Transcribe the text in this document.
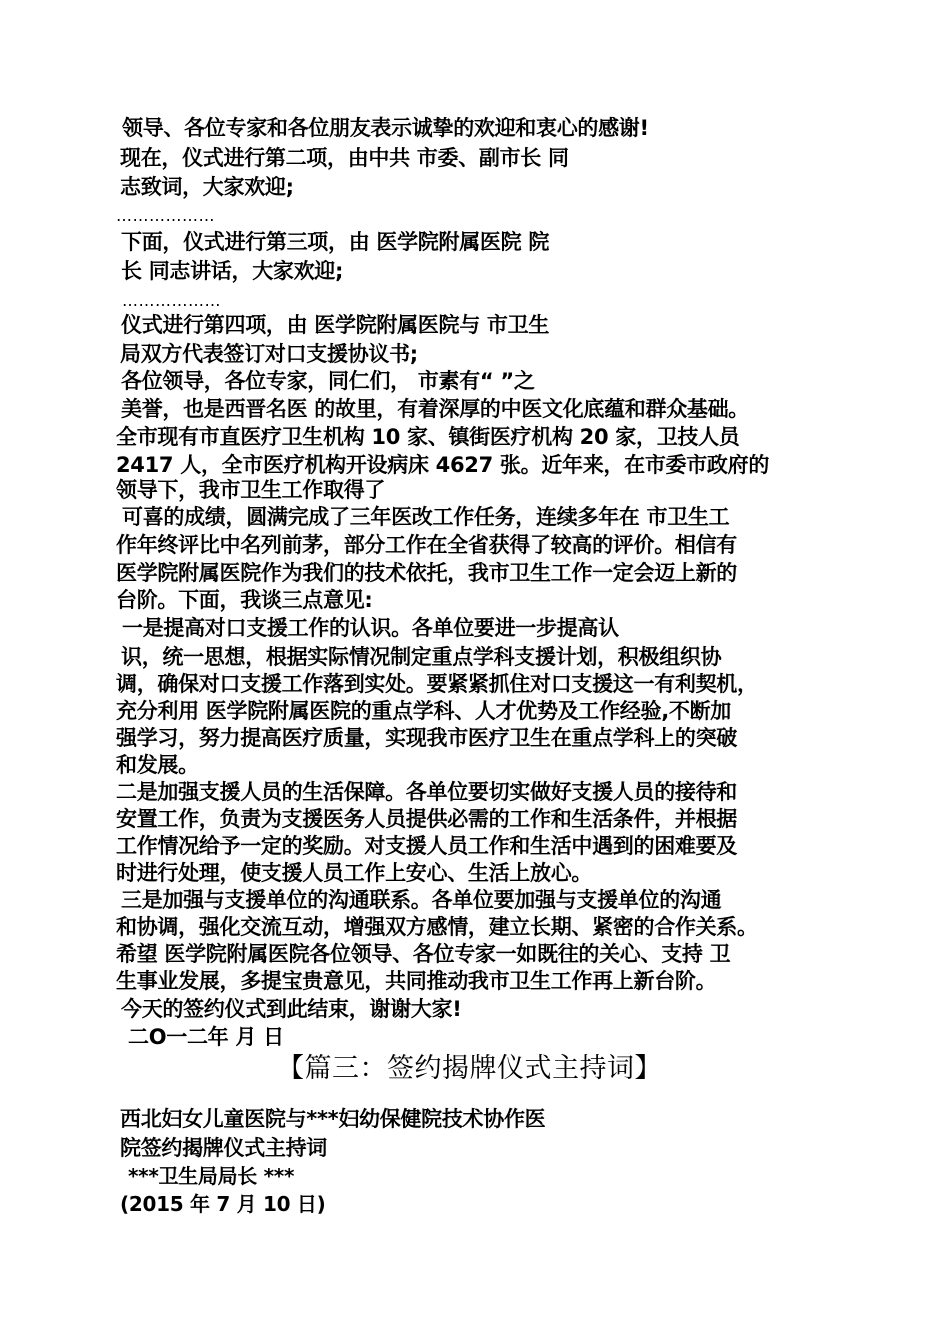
领导、各位专家和各位朋友表示诚挚的欢迎和衷心的感谢!
现在，仪式进行第二项，由中共 市委、副市长 同
志致词，大家欢迎;
………………
下面，仪式进行第三项，由 医学院附属医院 院
长 同志讲话，大家欢迎;
………………
仪式进行第四项，由 医学院附属医院与 市卫生
局双方代表签订对口支援协议书;
各位领导，各位专家，同仁们， 市素有“ ”之
美誉，也是西晋名医 的故里，有着深厚的中医文化底蕴和群众基础。
全市现有市直医疗卫生机构 10 家、镇街医疗机构 20 家，卫技人员
2417 人，全市医疗机构开设病床 4627 张。近年来，在市委市政府的
领导下，我市卫生工作取得了
可喜的成绩，圆满完成了三年医改工作任务，连续多年在 市卫生工
作年终评比中名列前茅，部分工作在全省获得了较高的评价。相信有
医学院附属医院作为我们的技术依托，我市卫生工作一定会迈上新的
台阶。下面，我谈三点意见:
一是提高对口支援工作的认识。各单位要进一步提高认
识，统一思想，根据实际情况制定重点学科支援计划，积极组织协
调，确保对口支援工作落到实处。要紧紧抓住对口支援这一有利契机，
充分利用 医学院附属医院的重点学科、人才优势及工作经验,不断加
强学习，努力提高医疗质量，实现我市医疗卫生在重点学科上的突破
和发展。
二是加强支援人员的生活保障。各单位要切实做好支援人员的接待和
安置工作，负责为支援医务人员提供必需的工作和生活条件，并根据
工作情况给予一定的奖励。对支援人员工作和生活中遇到的困难要及
时进行处理，使支援人员工作上安心、生活上放心。
三是加强与支援单位的沟通联系。各单位要加强与支援单位的沟通
和协调，强化交流互动，增强双方感情，建立长期、紧密的合作关系。
希望 医学院附属医院各位领导、各位专家一如既往的关心、支持 卫
生事业发展，多提宝贵意见，共同推动我市卫生工作再上新台阶。
今天的签约仪式到此结束，谢谢大家!
二O一二年 月 日
【篇三：签约揭牌仪式主持词】
西北妇女儿童医院与***妇幼保健院技术协作医
院签约揭牌仪式主持词
***卫生局局长 ***
(2015 年 7 月 10 日)
